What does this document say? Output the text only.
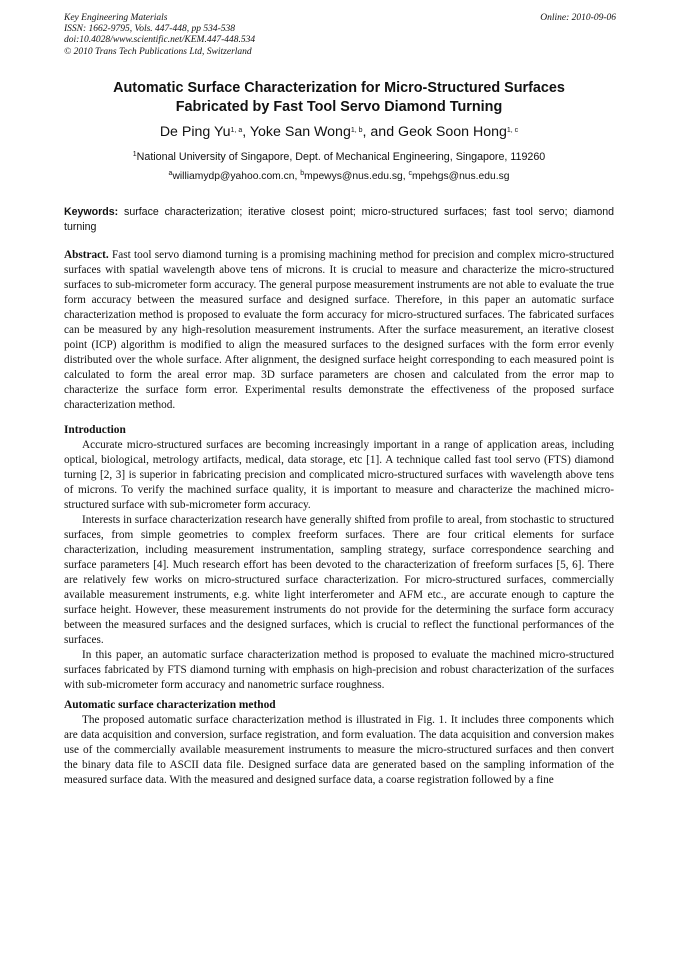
Key Engineering Materials
ISSN: 1662-9795, Vols. 447-448, pp 534-538
doi:10.4028/www.scientific.net/KEM.447-448.534
© 2010 Trans Tech Publications Ltd, Switzerland
Online: 2010-09-06
Automatic Surface Characterization for Micro-Structured Surfaces
Fabricated by Fast Tool Servo Diamond Turning
De Ping Yu$^{1, a}$, Yoke San Wong$^{1, b}$, and Geok Soon Hong$^{1, c}$
$^1$National University of Singapore, Dept. of Mechanical Engineering, Singapore, 119260
$^a$williamydp@yahoo.com.cn, $^b$mpewys@nus.edu.sg, $^c$mpehgs@nus.edu.sg
Keywords: surface characterization; iterative closest point; micro-structured surfaces; fast tool servo; diamond turning

Abstract. Fast tool servo diamond turning is a promising machining method for precision and complex micro-structured surfaces with spatial wavelength above tens of microns. It is crucial to measure and characterize the micro-structured surfaces to sub-micrometer form accuracy. The general purpose measurement instruments are not able to evaluate the true form accuracy between the measured surface and designed surface. Therefore, in this paper an automatic surface characterization method is proposed to evaluate the form accuracy for micro-structured surfaces. The fabricated surfaces can be measured by any high-resolution measurement instruments. After the surface measurement, an iterative closest point (ICP) algorithm is modified to align the measured surfaces to the designed surfaces with the form error evenly distributed over the whole surface. After alignment, the designed surface height corresponding to each measured point is calculated to form the areal error map. 3D surface parameters are chosen and calculated from the error map to characterize the surface form error. Experimental results demonstrate the effectiveness of the proposed surface characterization method.

Introduction

Accurate micro-structured surfaces are becoming increasingly important in a range of application areas, including optical, biological, metrology artifacts, medical, data storage, etc [1]. A technique called fast tool servo (FTS) diamond turning [2, 3] is superior in fabricating precision and complicated micro-structured surfaces with wavelength above tens of microns. To verify the machined surface quality, it is important to measure and characterize the machined micro-structured surface with sub-micrometer form accuracy.

Interests in surface characterization research have generally shifted from profile to areal, from stochastic to structured surfaces, from simple geometries to complex freeform surfaces. There are four critical elements for surface characterization, including measurement instrumentation, sampling strategy, surface correspondence searching and surface parameters [4]. Much research effort has been devoted to the characterization of freeform surfaces [5, 6]. There are relatively few works on micro-structured surface characterization. For micro-structured surfaces, commercially available measurement instruments, e.g. white light interferometer and AFM etc., are accurate enough to capture the surface height. However, these measurement instruments do not provide for the determining the surface form accuracy between the measured surfaces and the designed surfaces, which is crucial to reflect the functional performances of the surfaces.

In this paper, an automatic surface characterization method is proposed to evaluate the machined micro-structured surfaces fabricated by FTS diamond turning with emphasis on high-precision and robust characterization of the surfaces with sub-micrometer form accuracy and nanometric surface roughness.

Automatic surface characterization method

The proposed automatic surface characterization method is illustrated in Fig. 1. It includes three components which are data acquisition and conversion, surface registration, and form evaluation. The data acquisition and conversion makes use of the commercially available measurement instruments to measure the micro-structured surfaces and then convert the binary data file to ASCII data file. Designed surface data are generated based on the sampling information of the measured surface data. With the measured and designed surface data, a coarse registration followed by a fine
